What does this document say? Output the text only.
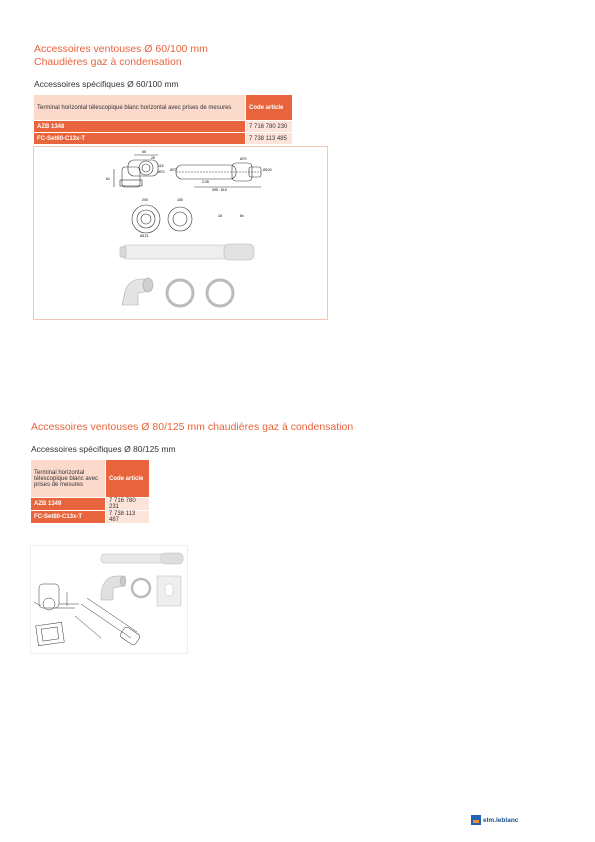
Accessoires ventouses Ø 60/100 mm
Chaudières gaz à condensation
Accessoires spécifiques Ø 60/100 mm
Terminal horizontal télescopique blanc horizontal avec prises de mesures	Code article
AZB 1348	7 716 780 230
FC-Set60-C13x-T	7 738 113 485
65
28
115
61
Ø70 Ø70
2:35
395 - 615
Ø100
Ø70
200	150
Ø121
18	8x
Accessoires ventouses Ø 80/125 mm chaudières gaz à condensation
Accessoires spécifiques Ø 80/125 mm
Terminal horizontal télescopique blanc avec prises de mesures	Code article
AZB 1349	7 716 780 231
FC-Set80-C13x-T	7 738 113 487
elm.leblanc
